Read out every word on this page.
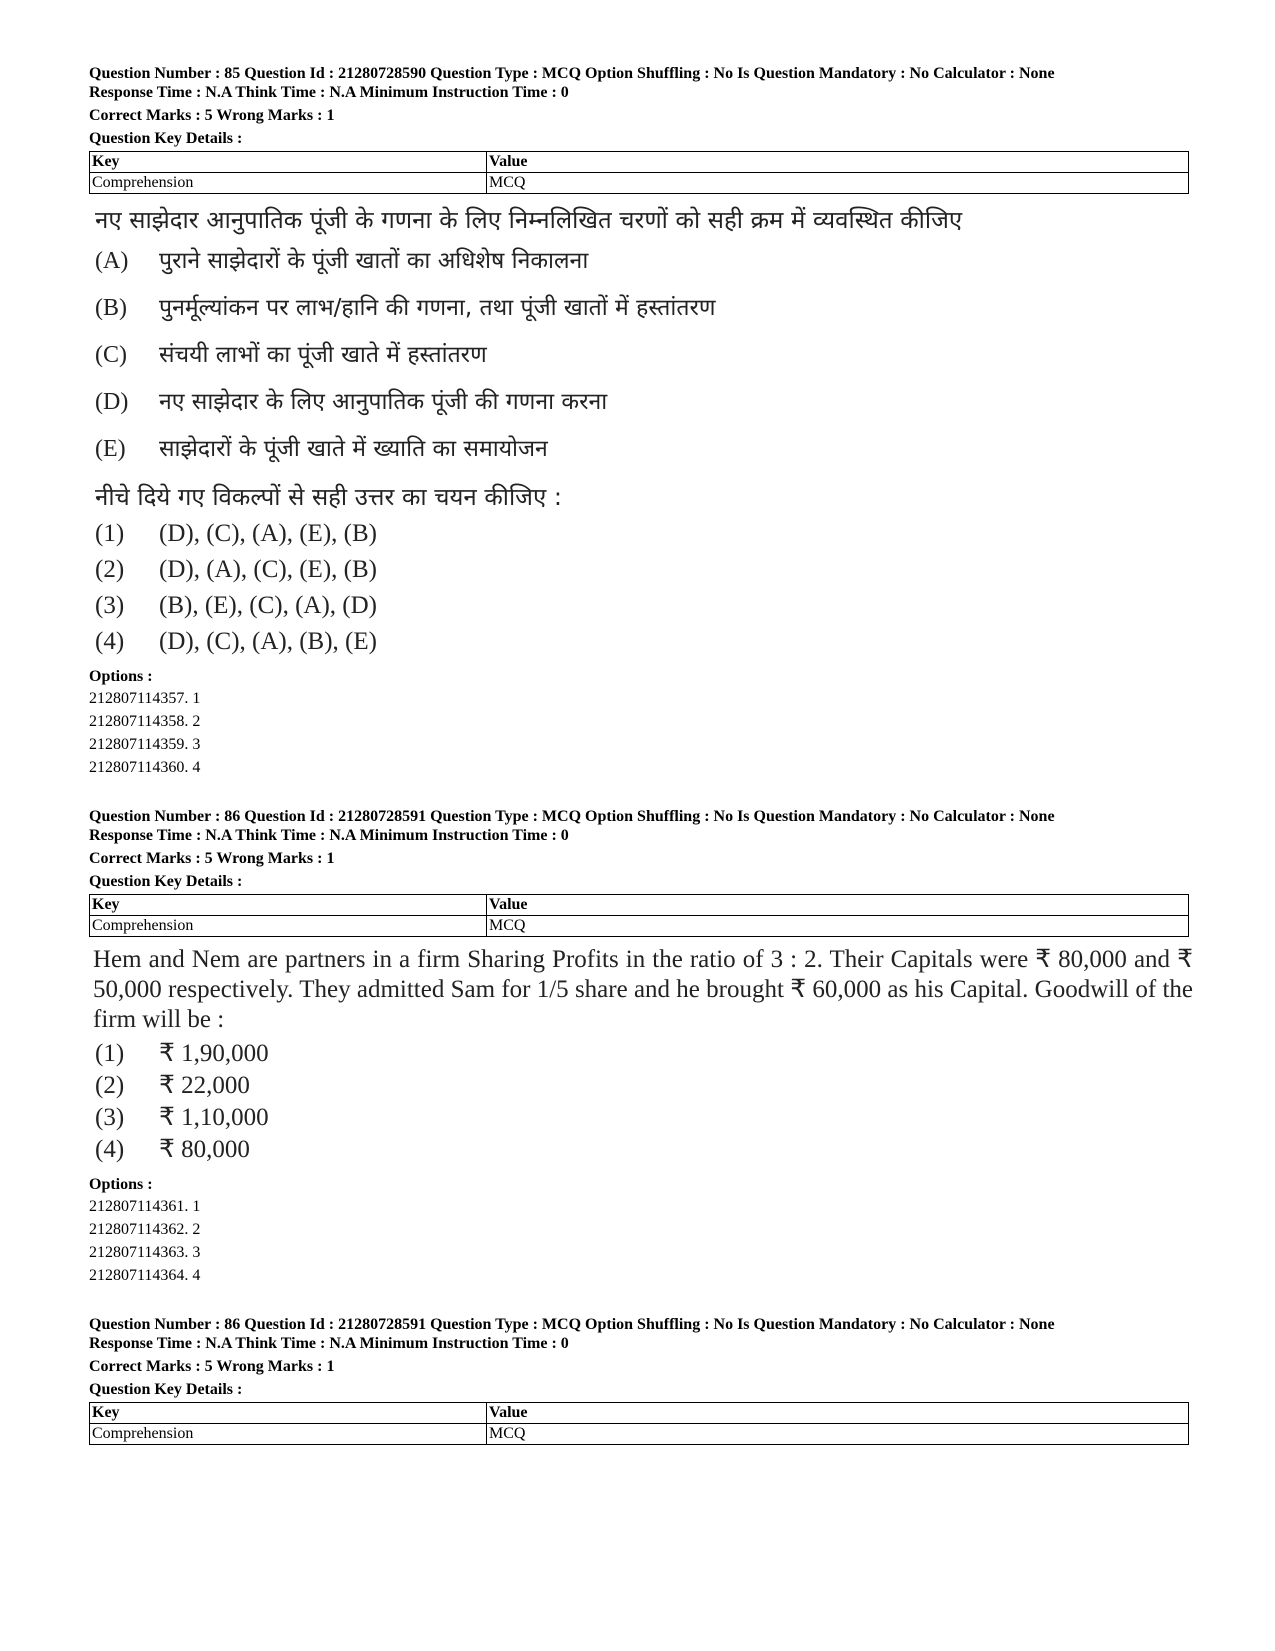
Question Number : 85 Question Id : 21280728590 Question Type : MCQ Option Shuffling : No Is Question Mandatory : No Calculator : None
Response Time : N.A Think Time : N.A Minimum Instruction Time : 0
Correct Marks : 5 Wrong Marks : 1
Question Key Details :
Key	Value
Comprehension	MCQ
नए साझेदार आनुपातिक पूंजी के गणना के लिए निम्नलिखित चरणों को सही क्रम में व्यवस्थित कीजिए
(A)	पुराने साझेदारों के पूंजी खातों का अधिशेष निकालना
(B)	पुनर्मूल्यांकन पर लाभ/हानि की गणना, तथा पूंजी खातों में हस्तांतरण
(C)	संचयी लाभों का पूंजी खाते में हस्तांतरण
(D)	नए साझेदार के लिए आनुपातिक पूंजी की गणना करना
(E)	साझेदारों के पूंजी खाते में ख्याति का समायोजन
नीचे दिये गए विकल्पों से सही उत्तर का चयन कीजिए :
(1)	(D), (C), (A), (E), (B)
(2)	(D), (A), (C), (E), (B)
(3)	(B), (E), (C), (A), (D)
(4)	(D), (C), (A), (B), (E)
Options :
212807114357. 1
212807114358. 2
212807114359. 3
212807114360. 4
Question Number : 86 Question Id : 21280728591 Question Type : MCQ Option Shuffling : No Is Question Mandatory : No Calculator : None
Response Time : N.A Think Time : N.A Minimum Instruction Time : 0
Correct Marks : 5 Wrong Marks : 1
Question Key Details :
Key	Value
Comprehension	MCQ
Hem and Nem are partners in a firm Sharing Profits in the ratio of 3 : 2. Their Capitals were ₹ 80,000 and ₹ 50,000 respectively. They admitted Sam for 1/5 share and he brought ₹ 60,000 as his Capital. Goodwill of the firm will be :
(1)	₹ 1,90,000
(2)	₹ 22,000
(3)	₹ 1,10,000
(4)	₹ 80,000
Options :
212807114361. 1
212807114362. 2
212807114363. 3
212807114364. 4
Question Number : 86 Question Id : 21280728591 Question Type : MCQ Option Shuffling : No Is Question Mandatory : No Calculator : None
Response Time : N.A Think Time : N.A Minimum Instruction Time : 0
Correct Marks : 5 Wrong Marks : 1
Question Key Details :
Key	Value
Comprehension	MCQ
